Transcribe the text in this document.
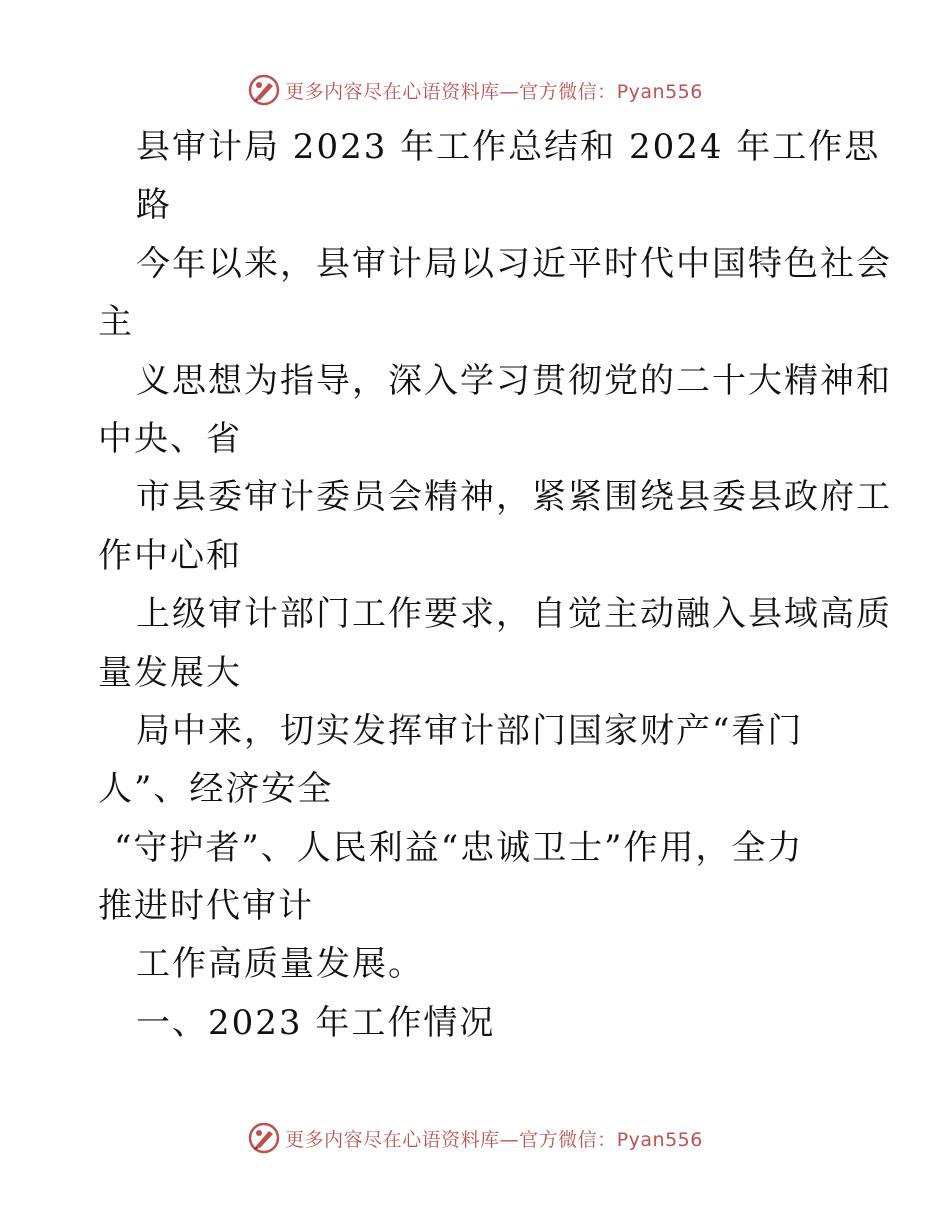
更多内容尽在心语资料库—官方微信：Pyan556
县审计局 2023 年工作总结和 2024 年工作思
路
今年以来，县审计局以习近平时代中国特色社会
主
义思想为指导，深入学习贯彻党的二十大精神和
中央、省
市县委审计委员会精神，紧紧围绕县委县政府工
作中心和
上级审计部门工作要求，自觉主动融入县域高质
量发展大
局中来，切实发挥审计部门国家财产“看门
人”、经济安全
“守护者”、人民利益“忠诚卫士”作用，全力
推进时代审计
工作高质量发展。
一、2023 年工作情况
更多内容尽在心语资料库—官方微信：Pyan556
